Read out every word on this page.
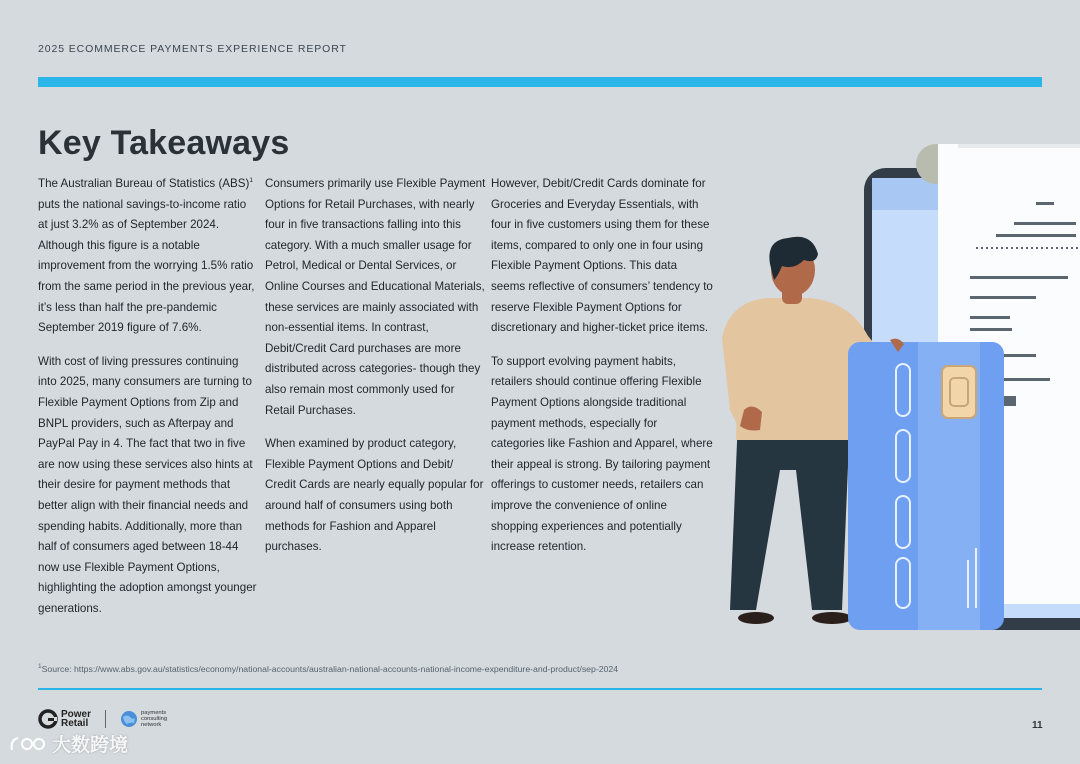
2025 ECOMMERCE PAYMENTS EXPERIENCE REPORT
Key Takeaways

The Australian Bureau of Statistics (ABS)$^1$ puts the national savings-to-income ratio at just 3.2% as of September 2024. Although this figure is a notable improvement from the worrying 1.5% ratio from the same period in the previous year, it’s less than half the pre-pandemic September 2019 figure of 7.6%.

With cost of living pressures continuing into 2025, many consumers are turning to Flexible Payment Options from Zip and BNPL providers, such as Afterpay and PayPal Pay in 4. The fact that two in five are now using these services also hints at their desire for payment methods that better align with their financial needs and spending habits. Additionally, more than half of consumers aged between 18-44 now use Flexible Payment Options, highlighting the adoption amongst younger generations.

Consumers primarily use Flexible Payment Options for Retail Purchases, with nearly four in five transactions falling into this category. With a much smaller usage for Petrol, Medical or Dental Services, or Online Courses and Educational Materials, these services are mainly associated with non-essential items. In contrast, Debit/Credit Card purchases are more distributed across categories- though they also remain most commonly used for Retail Purchases.

When examined by product category, Flexible Payment Options and Debit/ Credit Cards are nearly equally popular for around half of consumers using both methods for Fashion and Apparel purchases.

However, Debit/Credit Cards dominate for Groceries and Everyday Essentials, with four in five customers using them for these items, compared to only one in four using Flexible Payment Options. This data seems reflective of consumers’ tendency to reserve Flexible Payment Options for discretionary and higher-ticket price items.

To support evolving payment habits, retailers should continue offering Flexible Payment Options alongside traditional payment methods, especially for categories like Fashion and Apparel, where their appeal is strong. By tailoring payment offerings to customer needs, retailers can improve the convenience of online shopping experiences and potentially increase retention.

$^1$Source: https://www.abs.gov.au/statistics/economy/national-accounts/australian-national-accounts-national-income-expenditure-and-product/sep-2024
Power
Retail
payments
consulting
network	11
大数跨境
